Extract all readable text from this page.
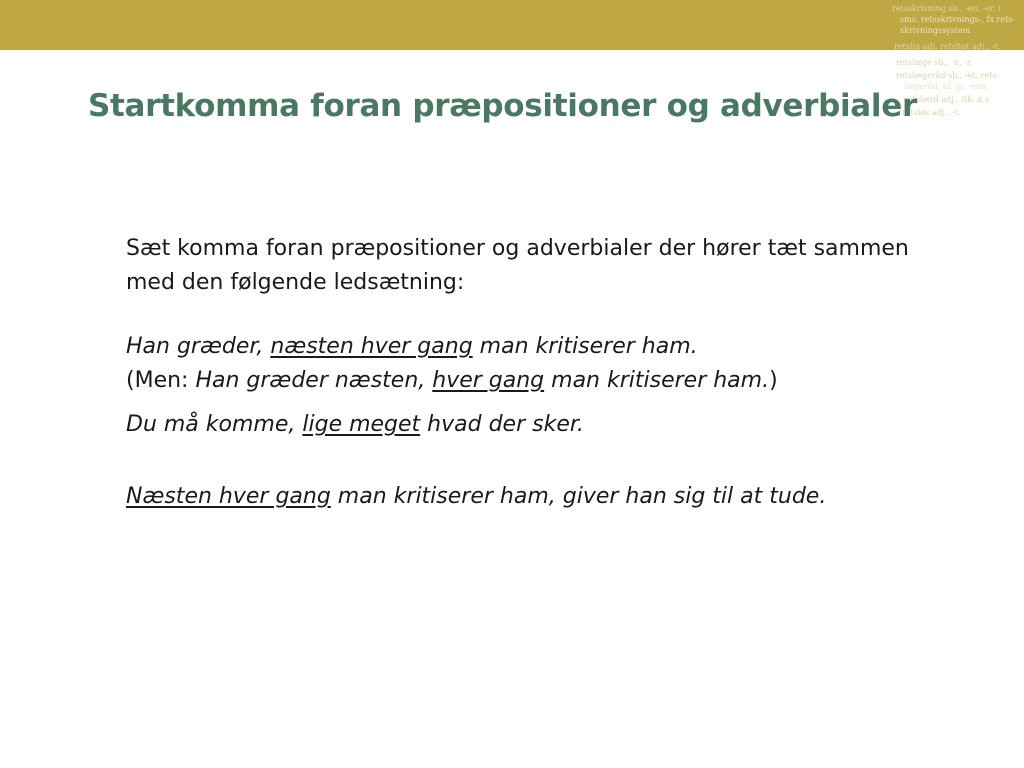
retsskrivning sb., -en, -er, i
sms. retsskrivnings-, fx rets-
skrivningssystem
retslig adj. retsligt adj., -t.
retslæge sb., -n, -r.
retslægeråd sb., -et, rets-
lægeråd, bf. pl. -ene.
retslærd adj., itk. d.s.
retsløs adj., -t.
Startkomma foran præpositioner og adverbialer

Sæt komma foran præpositioner og adverbialer der hører tæt sammen med den følgende ledsætning:

Han græder, næsten hver gang man kritiserer ham.

(Men: Han græder næsten, hver gang man kritiserer ham.)

Du må komme, lige meget hvad der sker.

Næsten hver gang man kritiserer ham, giver han sig til at tude.
